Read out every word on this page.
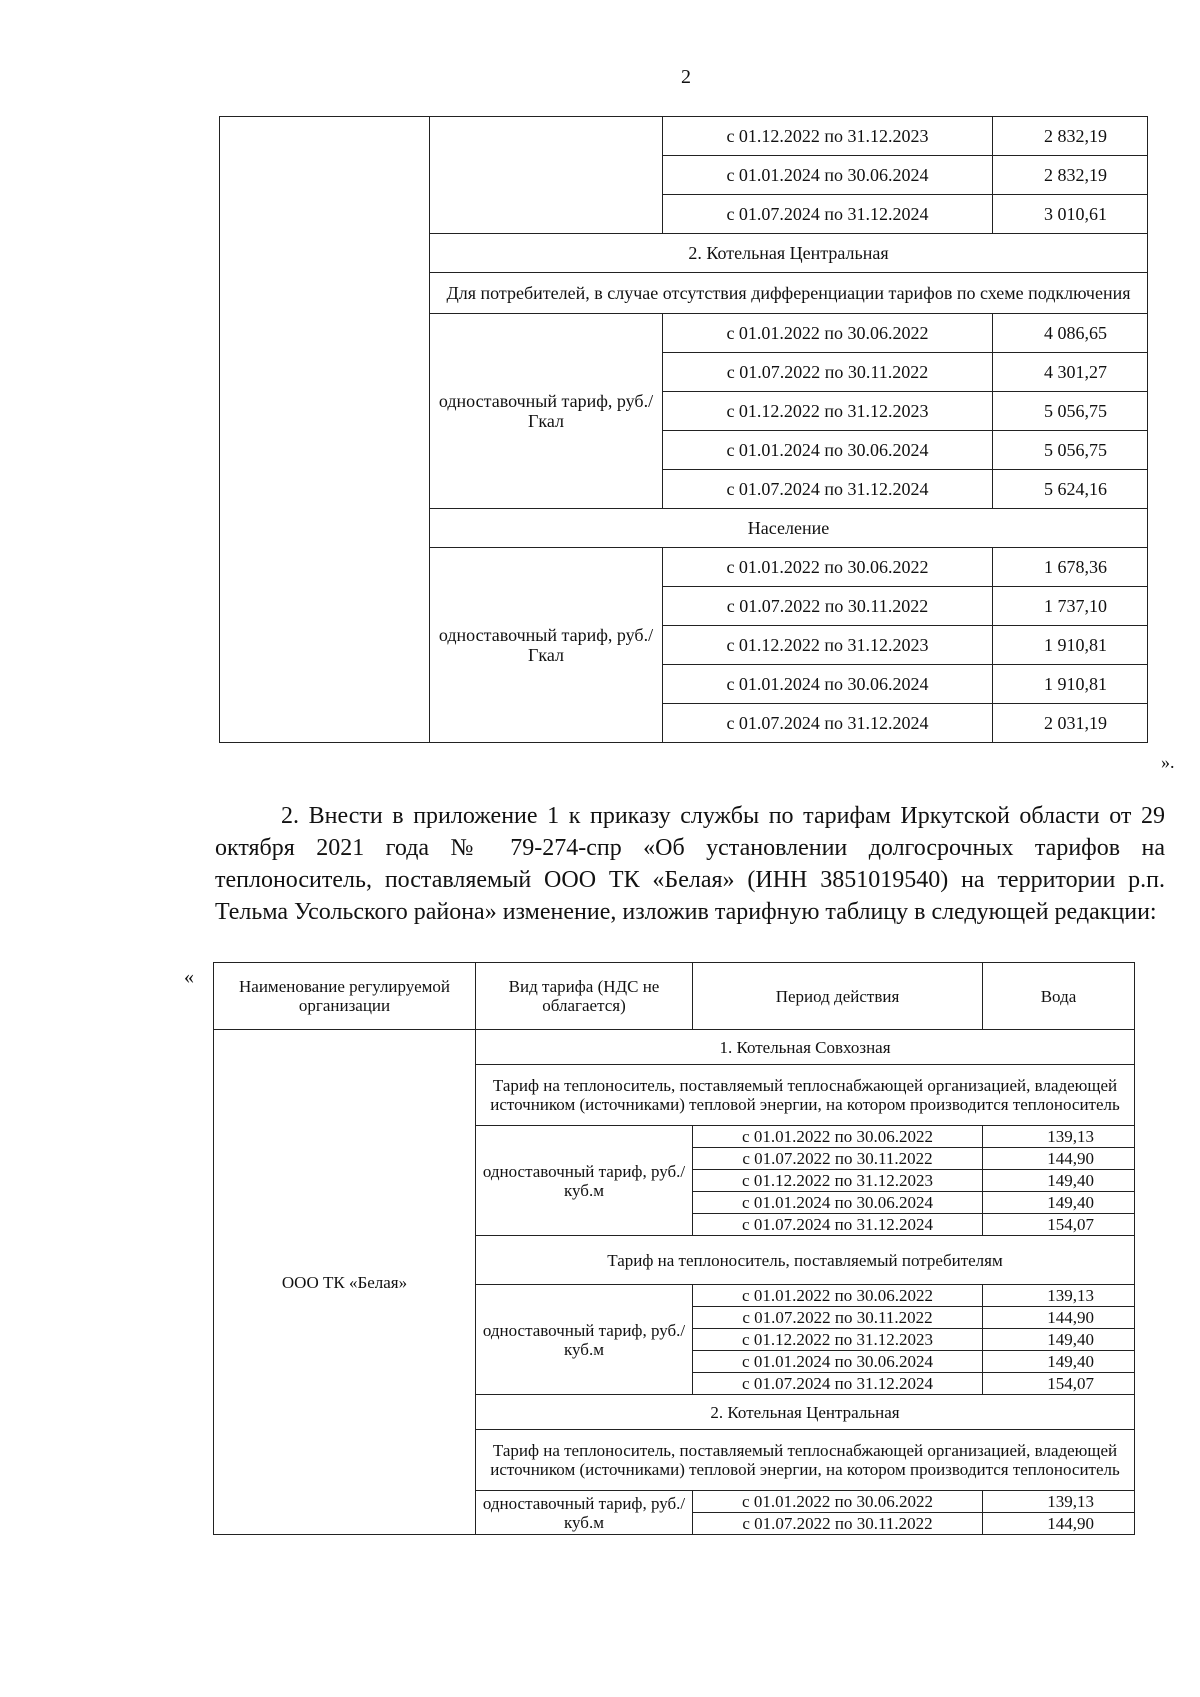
2
		с 01.12.2022 по 31.12.2023	2 832,19
		с 01.01.2024 по 30.06.2024	2 832,19
		с 01.07.2024 по 31.12.2024	3 010,61
	2. Котельная Центральная		
	Для потребителей, в случае отсутствия дифференциации тарифов по схеме подключения		
	одноставочный тариф, руб./Гкал	с 01.01.2022 по 30.06.2022	4 086,65
		с 01.07.2022 по 30.11.2022	4 301,27
		с 01.12.2022 по 31.12.2023	5 056,75
		с 01.01.2024 по 30.06.2024	5 056,75
		с 01.07.2024 по 31.12.2024	5 624,16
	Население		
	одноставочный тариф, руб./Гкал	с 01.01.2022 по 30.06.2022	1 678,36
		с 01.07.2022 по 30.11.2022	1 737,10
		с 01.12.2022 по 31.12.2023	1 910,81
		с 01.01.2024 по 30.06.2024	1 910,81
		с 01.07.2024 по 31.12.2024	2 031,19
».
2. Внести в приложение 1 к приказу службы по тарифам Иркутской области от 29 октября 2021 года № 79-274-спр «Об установлении долгосрочных тарифов на теплоноситель, поставляемый ООО ТК «Белая» (ИНН 3851019540) на территории р.п. Тельма Усольского района» изменение, изложив тарифную таблицу в следующей редакции:
«	Наименование регулируемой организации	Вид тарифа (НДС не облагается)	Период действия	Вода
ООО ТК «Белая»	1. Котельная Совхозная		
	Тариф на теплоноситель, поставляемый теплоснабжающей организацией, владеющей источником (источниками) тепловой энергии, на котором производится теплоноситель		
	одноставочный тариф, руб./куб.м	с 01.01.2022 по 30.06.2022	139,13
		с 01.07.2022 по 30.11.2022	144,90
		с 01.12.2022 по 31.12.2023	149,40
		с 01.01.2024 по 30.06.2024	149,40
		с 01.07.2024 по 31.12.2024	154,07
	Тариф на теплоноситель, поставляемый потребителям		
	одноставочный тариф, руб./куб.м	с 01.01.2022 по 30.06.2022	139,13
		с 01.07.2022 по 30.11.2022	144,90
		с 01.12.2022 по 31.12.2023	149,40
		с 01.01.2024 по 30.06.2024	149,40
		с 01.07.2024 по 31.12.2024	154,07
	2. Котельная Центральная		
	Тариф на теплоноситель, поставляемый теплоснабжающей организацией, владеющей источником (источниками) тепловой энергии, на котором производится теплоноситель		
	одноставочный тариф, руб./куб.м	с 01.01.2022 по 30.06.2022	139,13
		с 01.07.2022 по 30.11.2022	144,90
